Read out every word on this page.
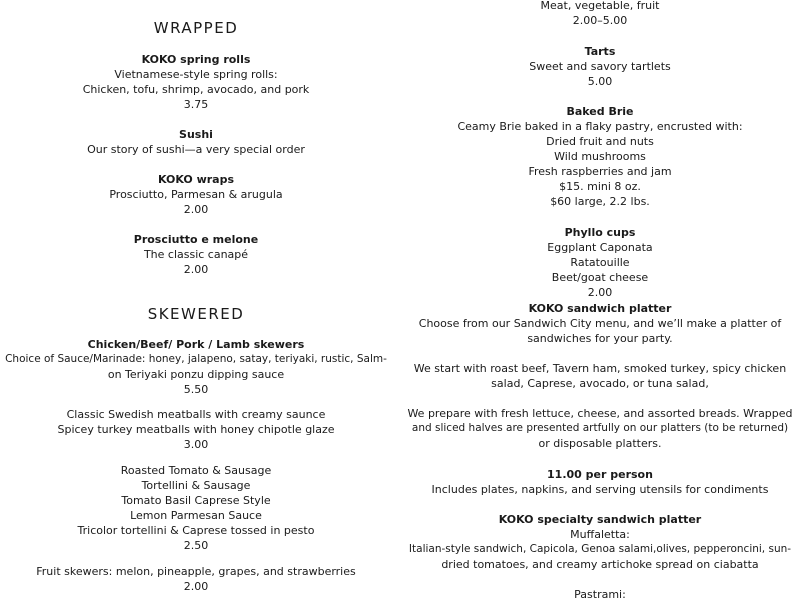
WRAPPED
KOKO spring rolls
Vietnamese-style spring rolls:
Chicken, tofu, shrimp, avocado, and pork
3.75
Sushi
Our story of sushi—a very special order
KOKO wraps
Prosciutto, Parmesan & arugula
2.00
Prosciutto e melone
The classic canapé
2.00
SKEWERED
Chicken/Beef/ Pork / Lamb skewers
Choice of Sauce/Marinade: honey, jalapeno, satay, teriyaki, rustic, Salm-
on Teriyaki ponzu dipping sauce
5.50
Classic Swedish meatballs with creamy saunce
Spicey turkey meatballs with honey chipotle glaze
3.00
Roasted Tomato & Sausage
Tortellini & Sausage
Tomato Basil Caprese Style
Lemon Parmesan Sauce
Tricolor tortellini & Caprese tossed in pesto
2.50
Fruit skewers: melon, pineapple, grapes, and strawberries
2.00
Meat, vegetable, fruit
2.00–5.00
Tarts
Sweet and savory tartlets
5.00
Baked Brie
Ceamy Brie baked in a flaky pastry, encrusted with:
Dried fruit and nuts
Wild mushrooms
Fresh raspberries and jam
$15. mini 8 oz.
$60 large, 2.2 lbs.
Phyllo cups
Eggplant Caponata
Ratatouille
Beet/goat cheese
2.00
KOKO sandwich platter
Choose from our Sandwich City menu, and we’ll make a platter of
sandwiches for your party.
We start with roast beef, Tavern ham, smoked turkey, spicy chicken
salad, Caprese, avocado, or tuna salad,
We prepare with fresh lettuce, cheese, and assorted breads. Wrapped
and sliced halves are presented artfully on our platters (to be returned)
or disposable platters.
11.00 per person
Includes plates, napkins, and serving utensils for condiments
KOKO specialty sandwich platter
Muffaletta:
Italian-style sandwich, Capicola, Genoa salami,olives, pepperoncini, sun-
dried tomatoes, and creamy artichoke spread on ciabatta
Pastrami:
